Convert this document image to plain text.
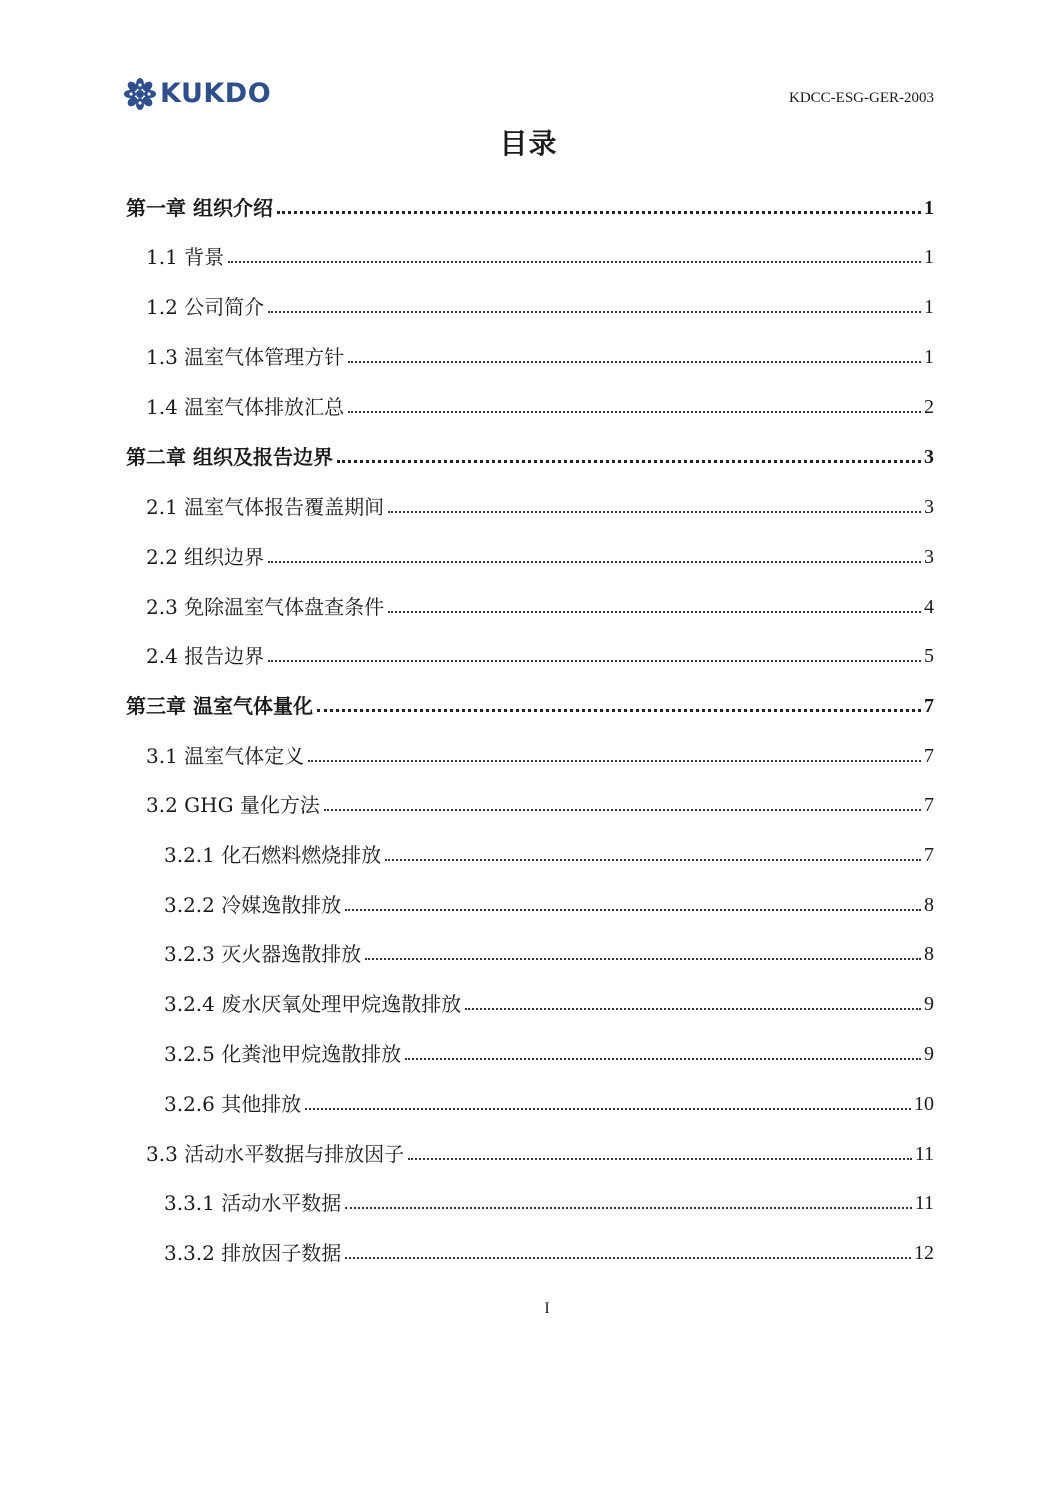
KUKDO	KDCC-ESG-GER-2003
目录
第一章 组织介绍	1
1.1 背景	1
1.2 公司简介	1
1.3 温室气体管理方针	1
1.4 温室气体排放汇总	2
第二章 组织及报告边界	3
2.1 温室气体报告覆盖期间	3
2.2 组织边界	3
2.3 免除温室气体盘查条件	4
2.4 报告边界	5
第三章 温室气体量化	7
3.1 温室气体定义	7
3.2 GHG 量化方法	7
3.2.1 化石燃料燃烧排放	7
3.2.2 冷媒逸散排放	8
3.2.3 灭火器逸散排放	8
3.2.4 废水厌氧处理甲烷逸散排放	9
3.2.5 化粪池甲烷逸散排放	9
3.2.6 其他排放	10
3.3 活动水平数据与排放因子	11
3.3.1 活动水平数据	11
3.3.2 排放因子数据	12
I
